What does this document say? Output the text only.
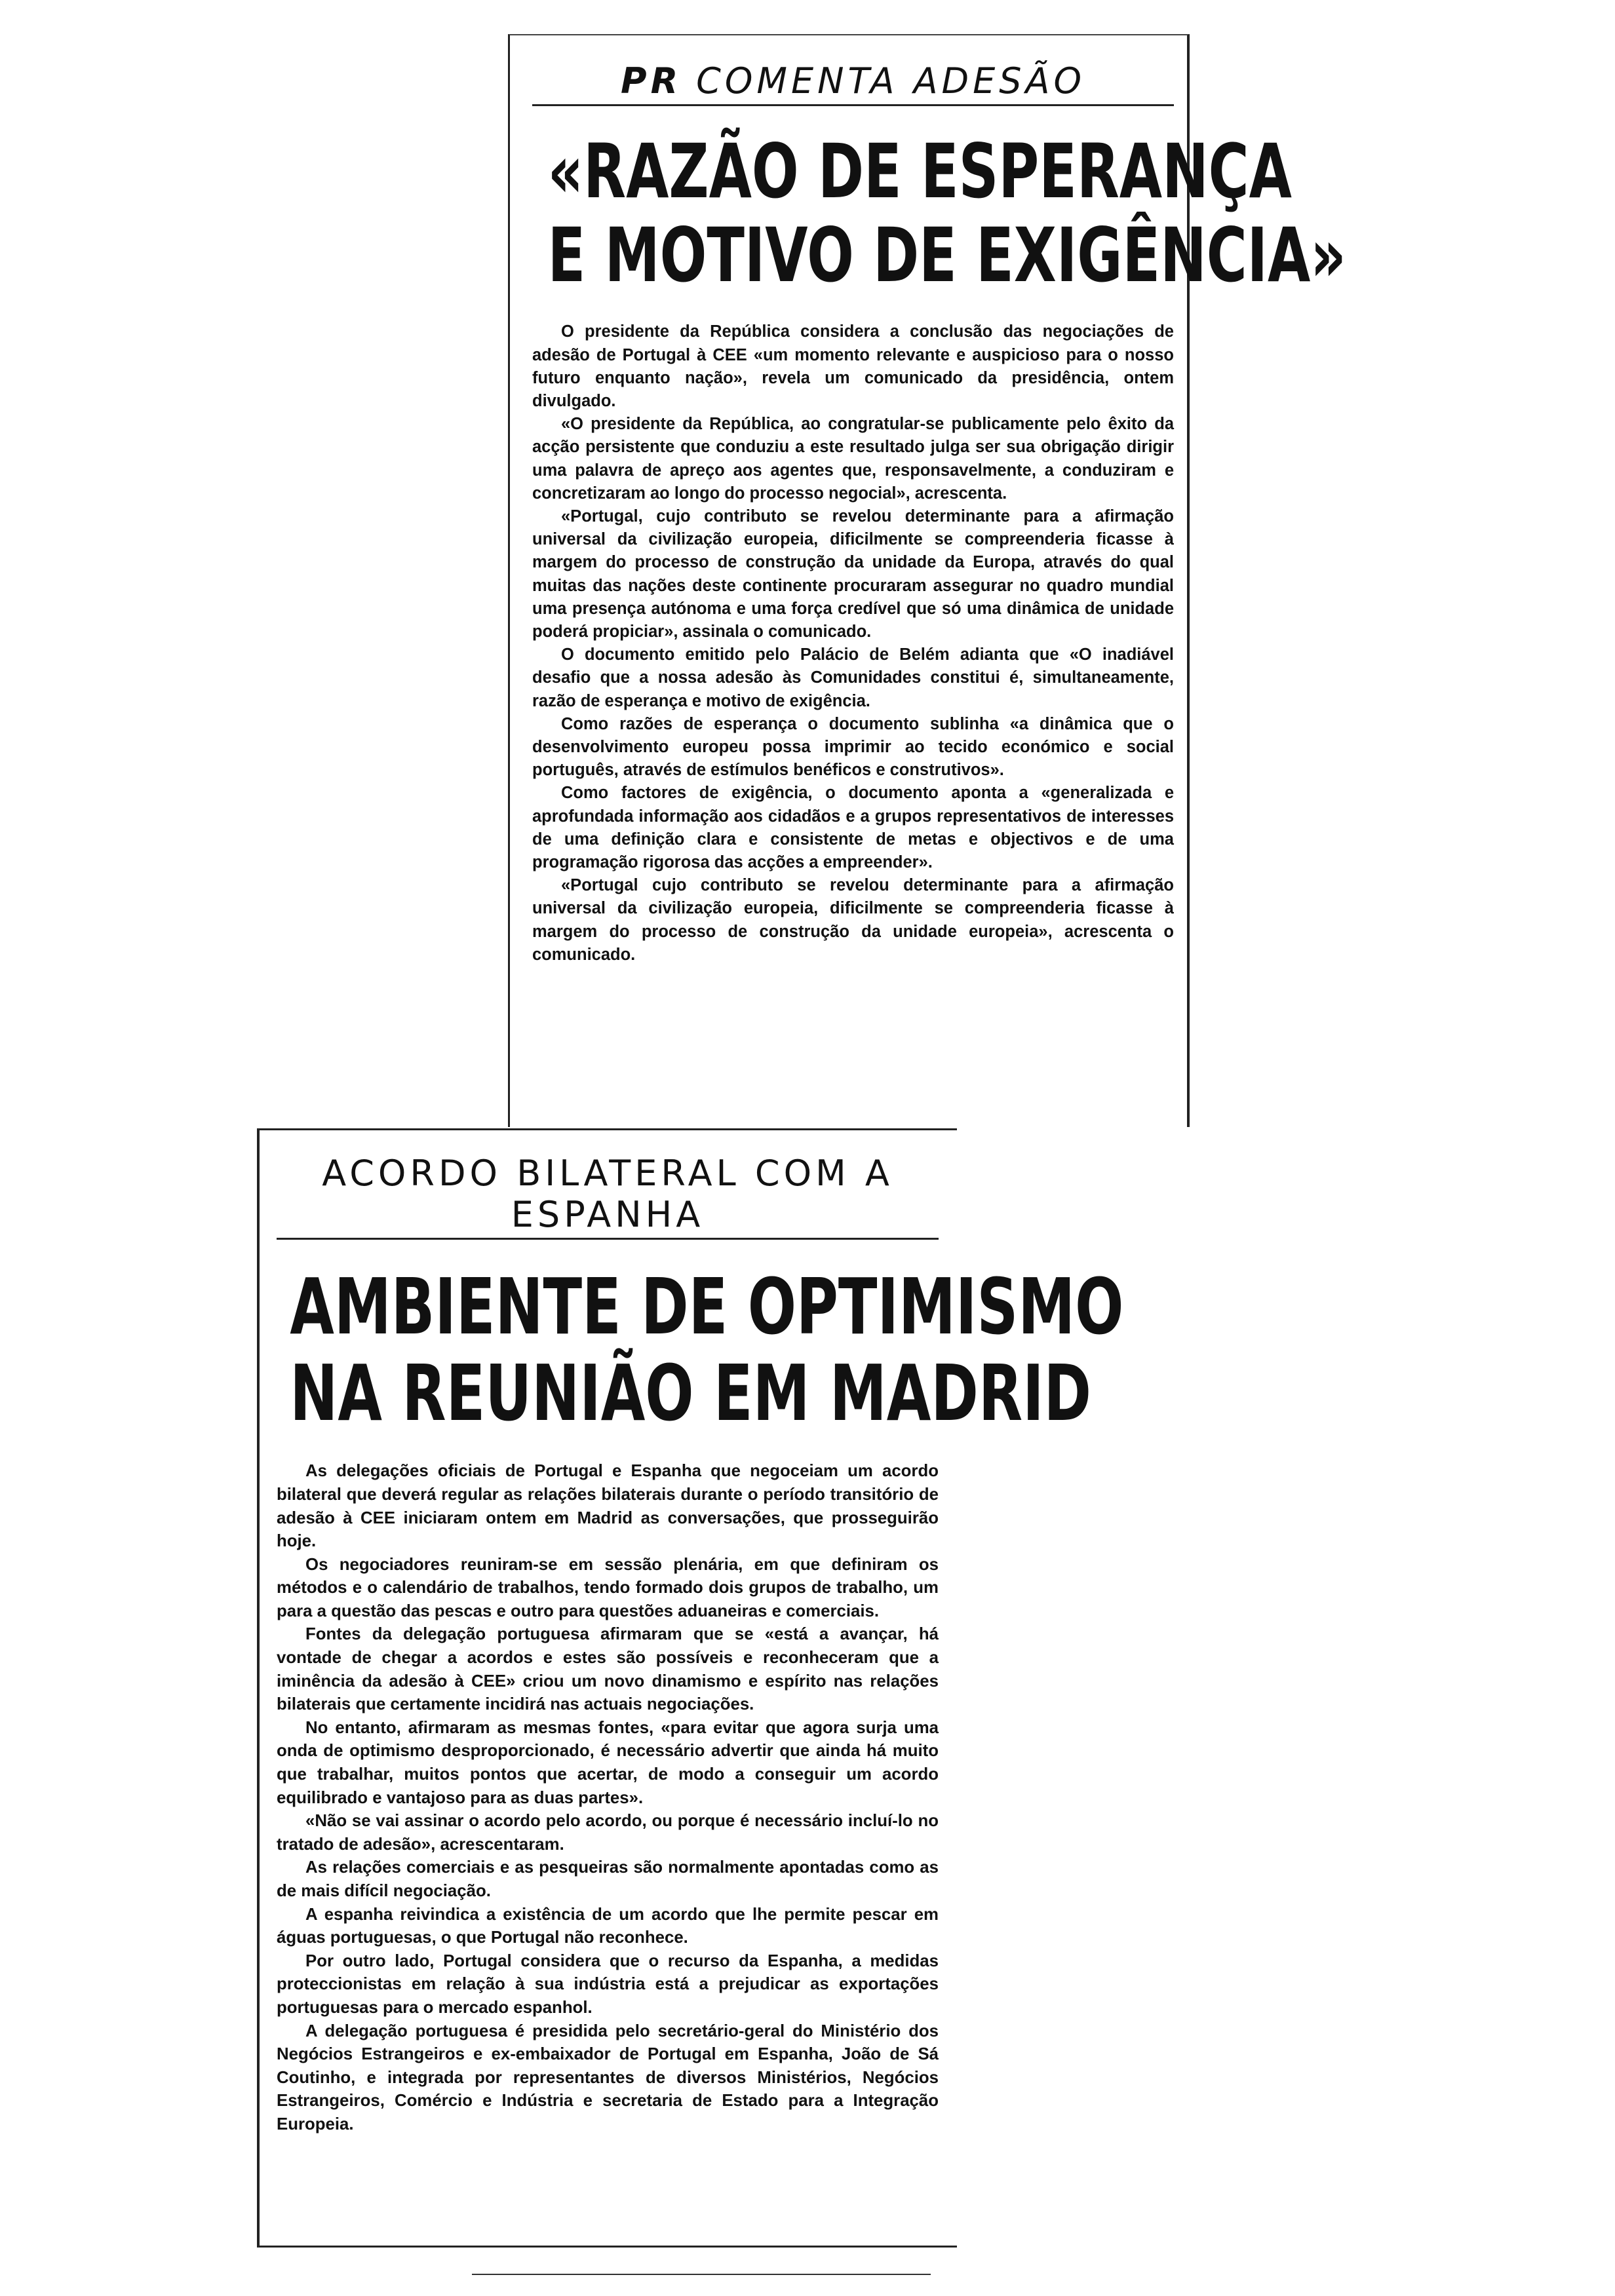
PR COMENTA ADESÃO
«RAZÃO DE ESPERANÇA
E MOTIVO DE EXIGÊNCIA»

O presidente da República considera a conclusão das negociações de adesão de Portugal à CEE «um momento relevante e auspicioso para o nosso futuro enquanto nação», revela um comunicado da presidência, ontem divulgado.

«O presidente da República, ao congratular-se publicamente pelo êxito da acção persistente que conduziu a este resultado julga ser sua obrigação dirigir uma palavra de apreço aos agentes que, responsavelmente, a conduziram e concretizaram ao longo do processo negocial», acrescenta.

«Portugal, cujo contributo se revelou determinante para a afirmação universal da civilização europeia, dificilmente se compreenderia ficasse à margem do processo de construção da unidade da Europa, através do qual muitas das nações deste continente procuraram assegurar no quadro mundial uma presença autónoma e uma força credível que só uma dinâmica de unidade poderá propiciar», assinala o comunicado.

O documento emitido pelo Palácio de Belém adianta que «O inadiável desafio que a nossa adesão às Comunidades constitui é, simultaneamente, razão de esperança e motivo de exigência.

Como razões de esperança o documento sublinha «a dinâmica que o desenvolvimento europeu possa imprimir ao tecido económico e social português, através de estímulos benéficos e construtivos».

Como factores de exigência, o documento aponta a «generalizada e aprofundada informação aos cidadãos e a grupos representativos de interesses de uma definição clara e consistente de metas e objectivos e de uma programação rigorosa das acções a empreender».

«Portugal cujo contributo se revelou determinante para a afirmação universal da civilização europeia, dificilmente se compreenderia ficasse à margem do processo de construção da unidade europeia», acrescenta o comunicado.

ACORDO BILATERAL COM A ESPANHA
AMBIENTE DE OPTIMISMO
NA REUNIÃO EM MADRID

As delegações oficiais de Portugal e Espanha que negoceiam um acordo bilateral que deverá regular as relações bilaterais durante o período transitório de adesão à CEE iniciaram ontem em Madrid as conversações, que prosseguirão hoje.

Os negociadores reuniram-se em sessão plenária, em que definiram os métodos e o calendário de trabalhos, tendo formado dois grupos de trabalho, um para a questão das pescas e outro para questões aduaneiras e comerciais.

Fontes da delegação portuguesa afirmaram que se «está a avançar, há vontade de chegar a acordos e estes são possíveis e reconheceram que a iminência da adesão à CEE» criou um novo dinamismo e espírito nas relações bilaterais que certamente incidirá nas actuais negociações.

No entanto, afirmaram as mesmas fontes, «para evitar que agora surja uma onda de optimismo desproporcionado, é necessário advertir que ainda há muito que trabalhar, muitos pontos que acertar, de modo a conseguir um acordo equilibrado e vantajoso para as duas partes».

«Não se vai assinar o acordo pelo acordo, ou porque é necessário incluí-lo no tratado de adesão», acrescentaram.

As relações comerciais e as pesqueiras são normalmente apontadas como as de mais difícil negociação.

A espanha reivindica a existência de um acordo que lhe permite pescar em águas portuguesas, o que Portugal não reconhece.

Por outro lado, Portugal considera que o recurso da Espanha, a medidas proteccionistas em relação à sua indústria está a prejudicar as exportações portuguesas para o mercado espanhol.

A delegação portuguesa é presidida pelo secretário-geral do Ministério dos Negócios Estrangeiros e ex-embaixador de Portugal em Espanha, João de Sá Coutinho, e integrada por representantes de diversos Ministérios, Negócios Estrangeiros, Comércio e Indústria e secretaria de Estado para a Integração Europeia.
